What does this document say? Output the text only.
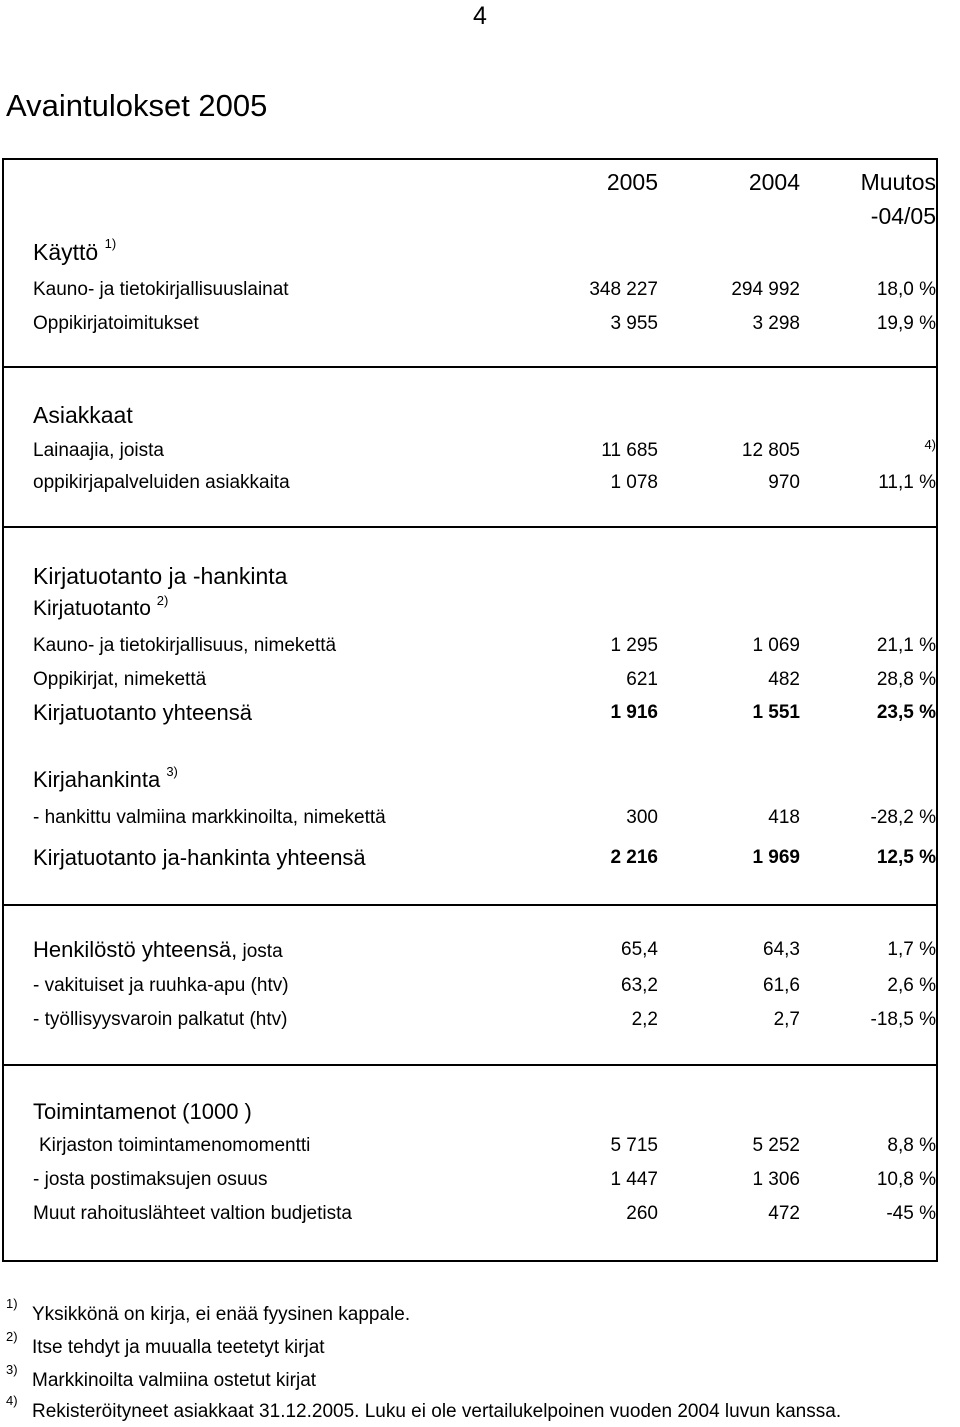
4
Avaintulokset 2005
2005	2004	Muutos
-04/05
Käyttö $^{1)}$
Kauno- ja tietokirjallisuuslainat	348 227	294 992	18,0 %
Oppikirjatoimitukset	3 955	3 298	19,9 %
Asiakkaat
Lainaajia, joista	11 685	12 805	4)
oppikirjapalveluiden asiakkaita	1 078	970	11,1 %
Kirjatuotanto ja -hankinta
Kirjatuotanto $^{2)}$
Kauno- ja tietokirjallisuus, nimekettä	1 295	1 069	21,1 %
Oppikirjat, nimekettä	621	482	28,8 %
Kirjatuotanto yhteensä	1 916	1 551	23,5 %
Kirjahankinta $^{3)}$
- hankittu valmiina markkinoilta, nimekettä	300	418	-28,2 %
Kirjatuotanto ja-hankinta yhteensä	2 216	1 969	12,5 %
Henkilöstö yhteensä, josta	65,4	64,3	1,7 %
- vakituiset ja ruuhka-apu (htv)	63,2	61,6	2,6 %
- työllisyysvaroin palkatut (htv)	2,2	2,7	-18,5 %
Toimintamenot (1000 )
Kirjaston toimintamenomomentti	5 715	5 252	8,8 %
- josta postimaksujen osuus	1 447	1 306	10,8 %
Muut rahoituslähteet valtion budjetista	260	472	-45 %
1)
Yksikkönä on kirja, ei enää fyysinen kappale.
2)
Itse tehdyt ja muualla teetetyt kirjat
3)
Markkinoilta valmiina ostetut kirjat
4)
Rekisteröityneet asiakkaat 31.12.2005. Luku ei ole vertailukelpoinen vuoden 2004 luvun kanssa.
